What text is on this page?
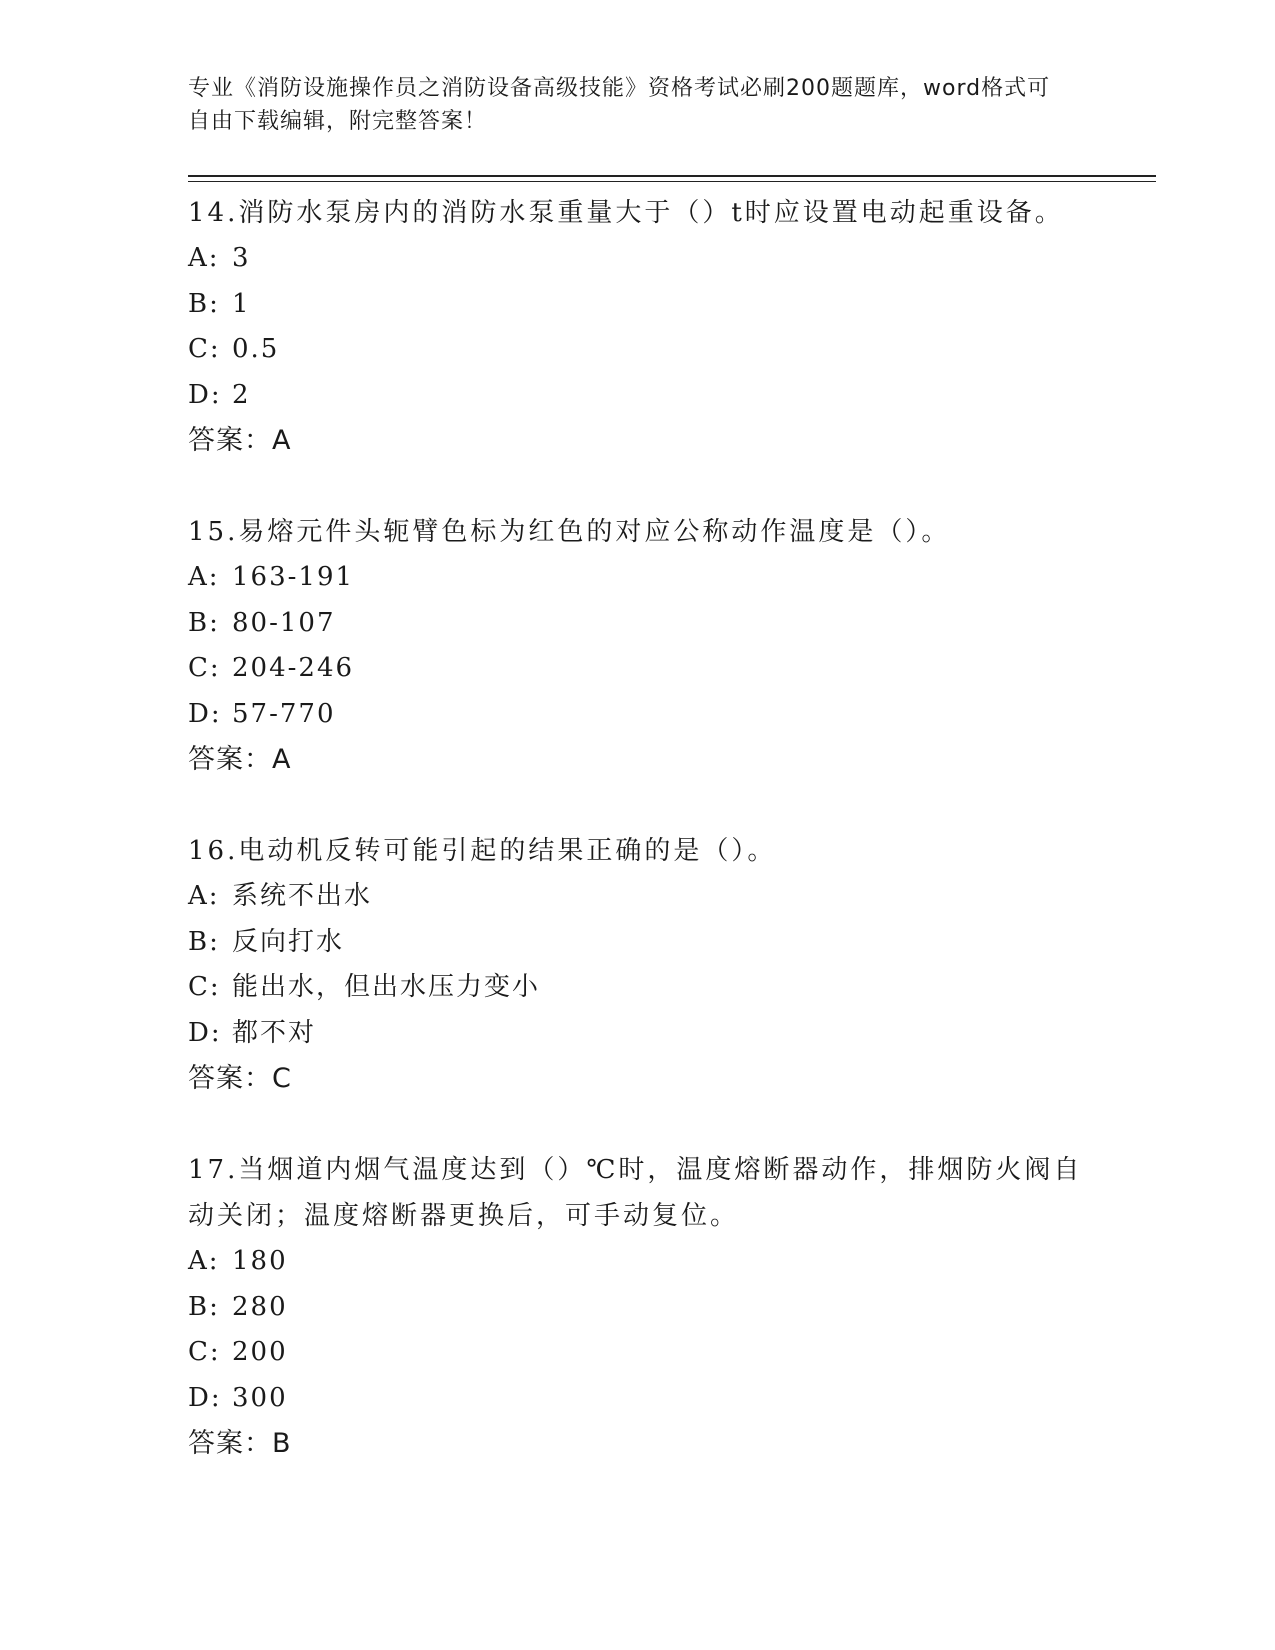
专业《消防设施操作员之消防设备高级技能》资格考试必刷200题题库，word格式可自由下载编辑，附完整答案！

14.消防水泵房内的消防水泵重量大于（）t时应设置电动起重设备。

A: 3

B: 1

C: 0.5

D: 2

答案：A

15.易熔元件头轭臂色标为红色的对应公称动作温度是（）。

A: 163-191

B: 80-107

C: 204-246

D: 57-770

答案：A

16.电动机反转可能引起的结果正确的是（）。

A: 系统不出水

B: 反向打水

C: 能出水，但出水压力变小

D: 都不对

答案：C

17.当烟道内烟气温度达到（）℃时，温度熔断器动作，排烟防火阀自动关闭；温度熔断器更换后，可手动复位。

A: 180

B: 280

C: 200

D: 300

答案：B
